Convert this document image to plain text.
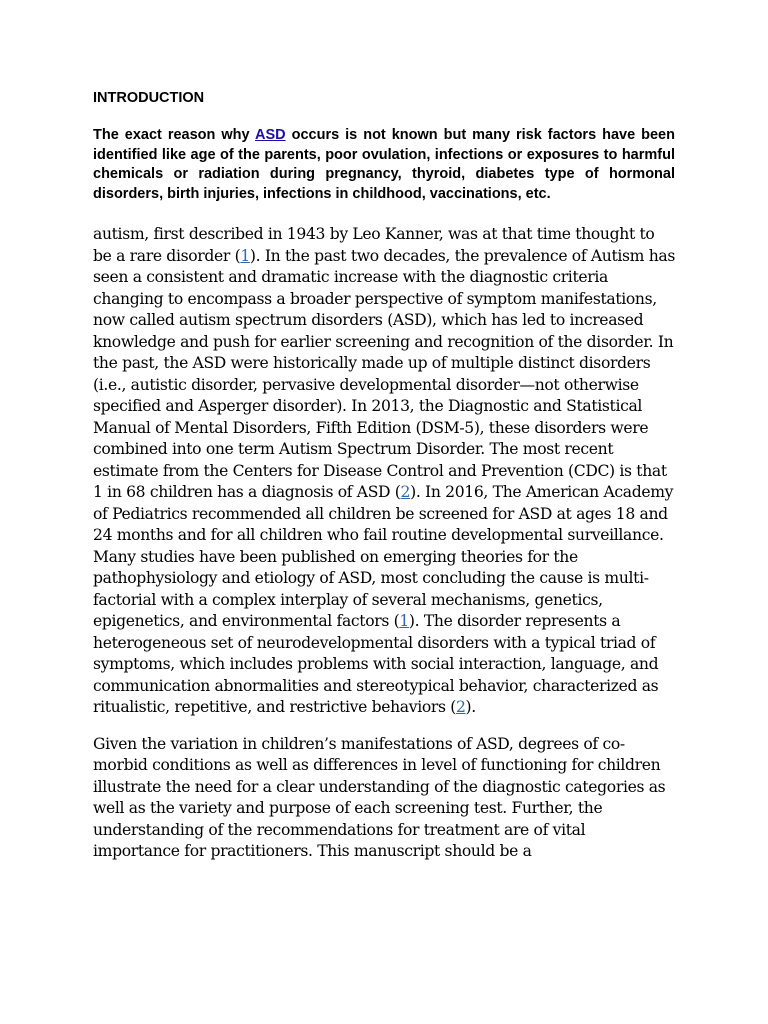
INTRODUCTION

The exact reason why ASD occurs is not known but many risk factors have been identified like age of the parents, poor ovulation, infections or exposures to harmful chemicals or radiation during pregnancy, thyroid, diabetes type of hormonal disorders, birth injuries, infections in childhood, vaccinations, etc.

autism, first described in 1943 by Leo Kanner, was at that time thought to be a rare disorder (1). In the past two decades, the prevalence of Autism has seen a consistent and dramatic increase with the diagnostic criteria changing to encompass a broader perspective of symptom manifestations, now called autism spectrum disorders (ASD), which has led to increased knowledge and push for earlier screening and recognition of the disorder. In the past, the ASD were historically made up of multiple distinct disorders (i.e., autistic disorder, pervasive developmental disorder—not otherwise specified and Asperger disorder). In 2013, the Diagnostic and Statistical Manual of Mental Disorders, Fifth Edition (DSM-5), these disorders were combined into one term Autism Spectrum Disorder. The most recent estimate from the Centers for Disease Control and Prevention (CDC) is that 1 in 68 children has a diagnosis of ASD (2). In 2016, The American Academy of Pediatrics recommended all children be screened for ASD at ages 18 and 24 months and for all children who fail routine developmental surveillance. Many studies have been published on emerging theories for the pathophysiology and etiology of ASD, most concluding the cause is multi-factorial with a complex interplay of several mechanisms, genetics, epigenetics, and environmental factors (1). The disorder represents a heterogeneous set of neurodevelopmental disorders with a typical triad of symptoms, which includes problems with social interaction, language, and communication abnormalities and stereotypical behavior, characterized as ritualistic, repetitive, and restrictive behaviors (2).

Given the variation in children’s manifestations of ASD, degrees of co-morbid conditions as well as differences in level of functioning for children illustrate the need for a clear understanding of the diagnostic categories as well as the variety and purpose of each screening test. Further, the understanding of the recommendations for treatment are of vital importance for practitioners. This manuscript should be a
